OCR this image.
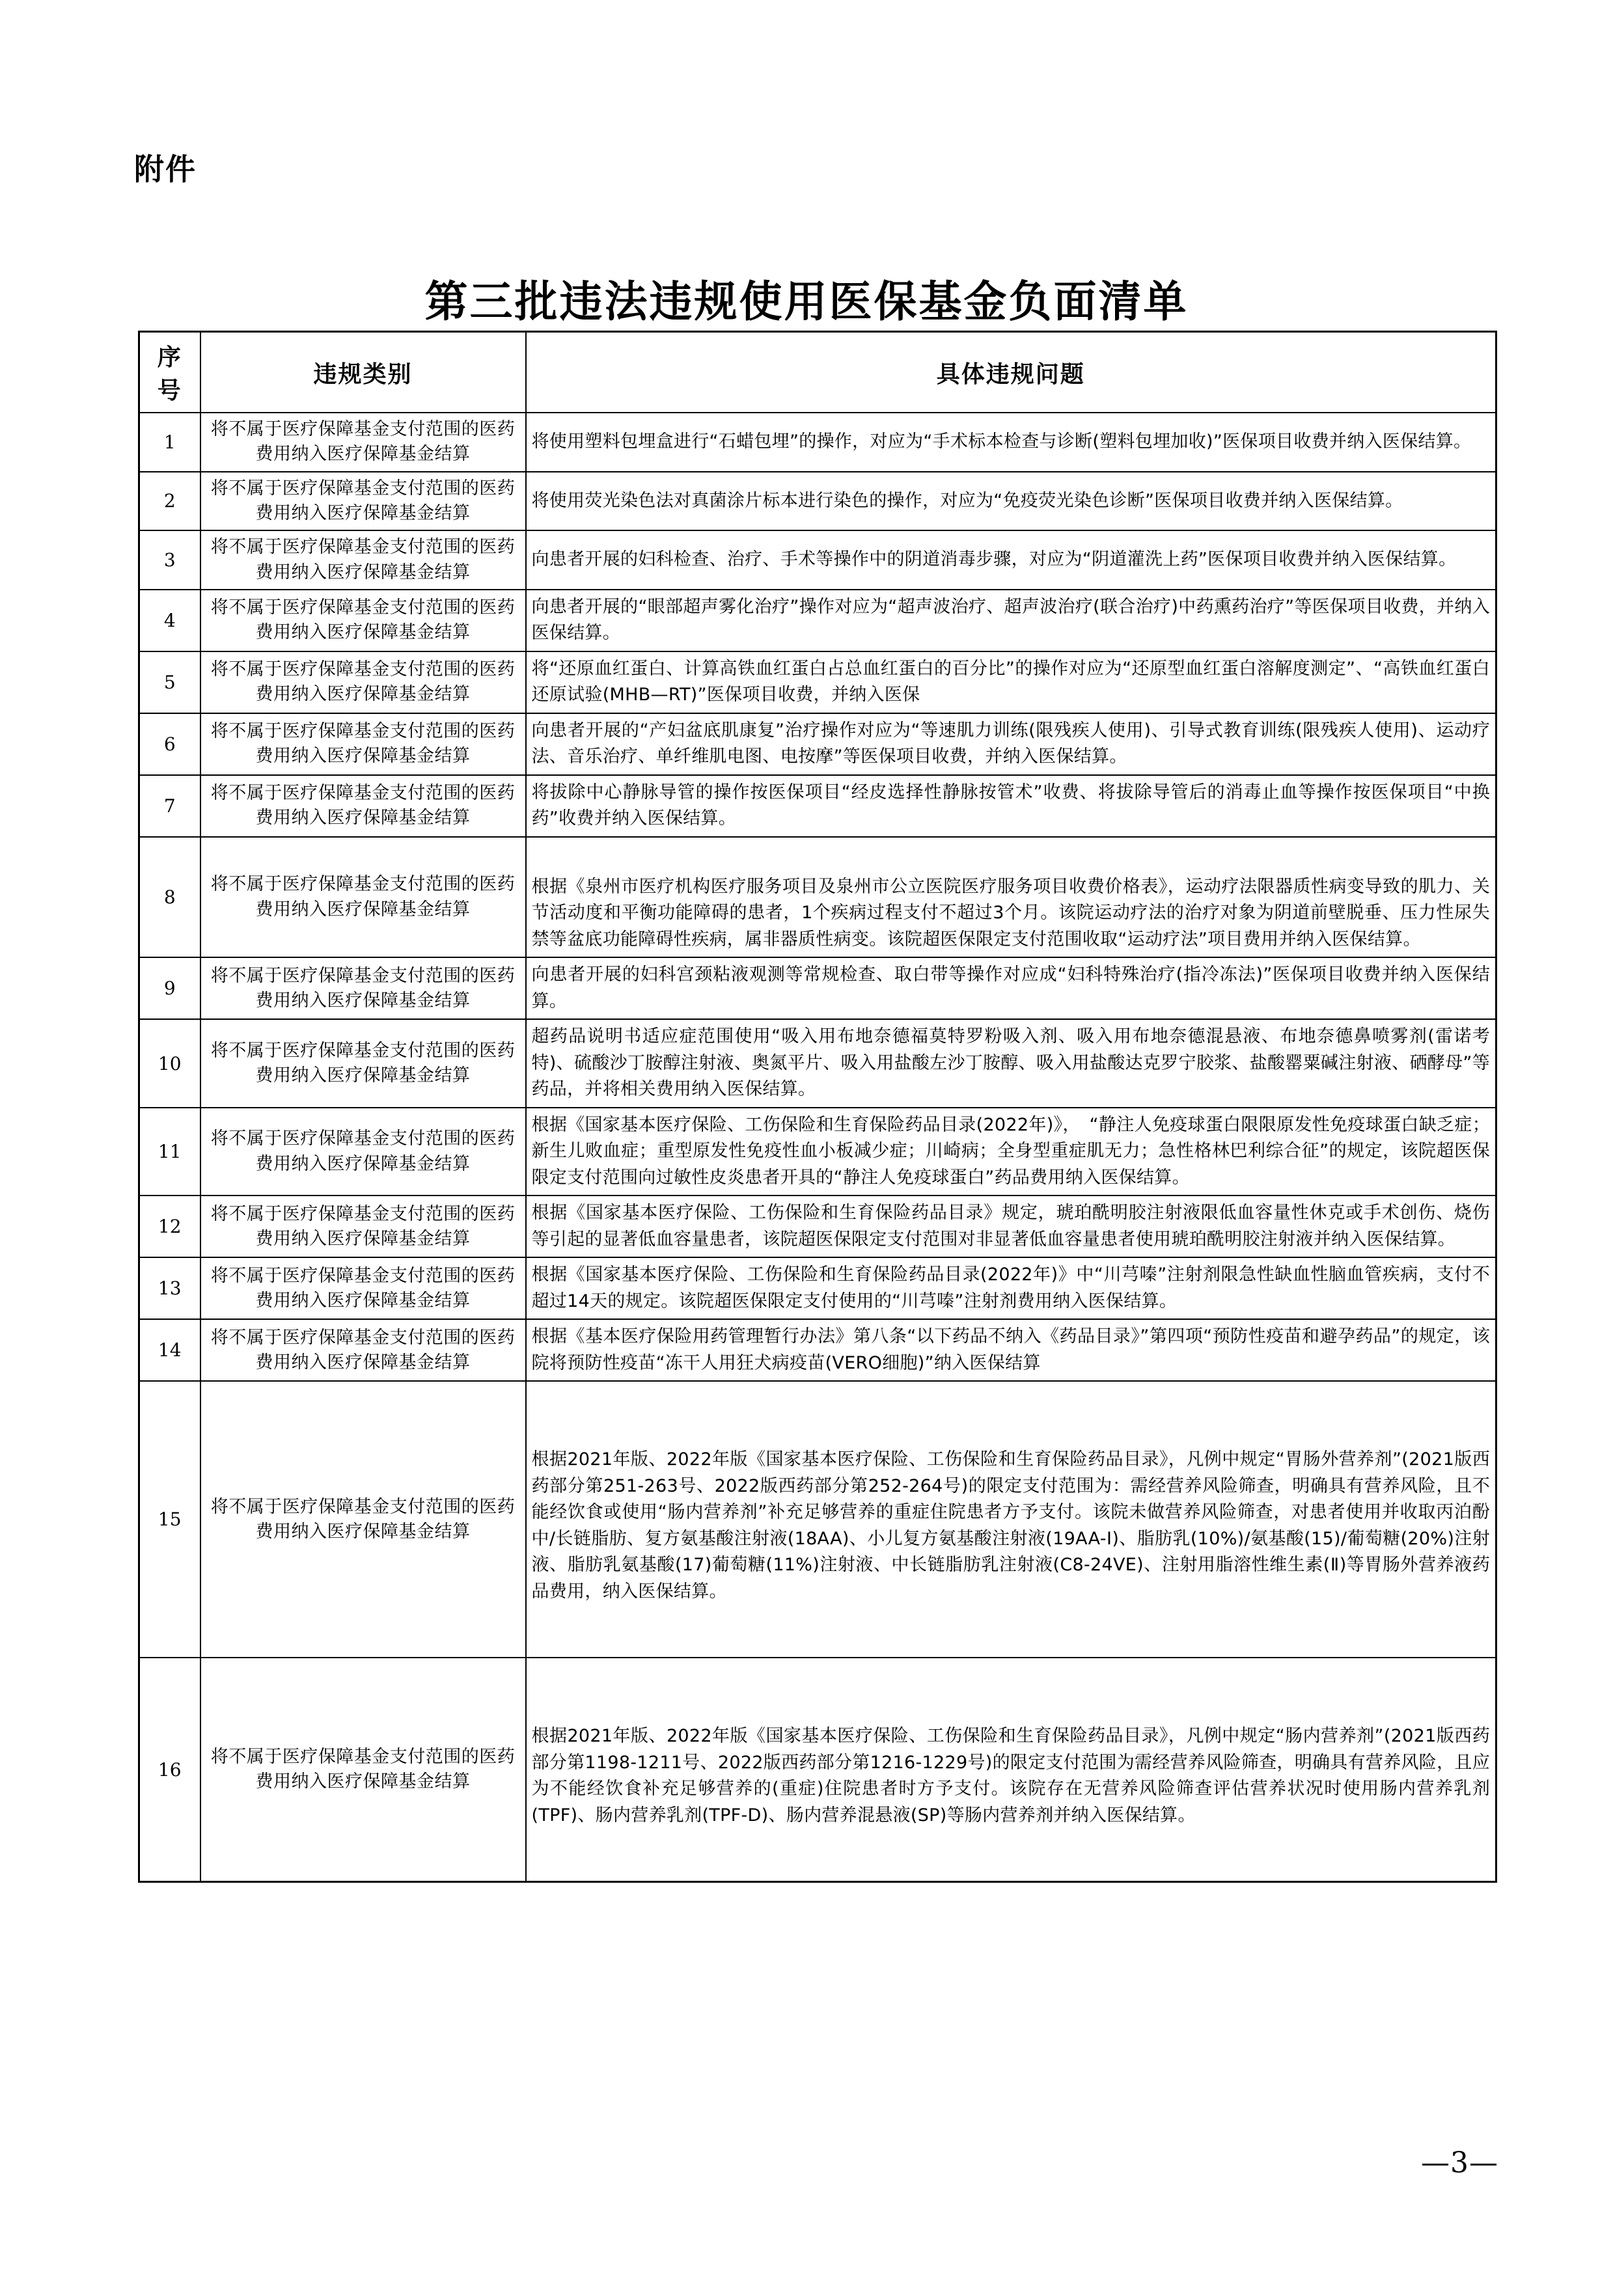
附件
第三批违法违规使用医保基金负面清单
序号	违规类别	具体违规问题
1	将不属于医疗保障基金支付范围的医药费用纳入医疗保障基金结算	将使用塑料包埋盒进行“石蜡包埋”的操作，对应为“手术标本检查与诊断(塑料包埋加收)”医保项目收费并纳入医保结算。
2	将不属于医疗保障基金支付范围的医药费用纳入医疗保障基金结算	将使用荧光染色法对真菌涂片标本进行染色的操作，对应为“免疫荧光染色诊断”医保项目收费并纳入医保结算。
3	将不属于医疗保障基金支付范围的医药费用纳入医疗保障基金结算	向患者开展的妇科检查、治疗、手术等操作中的阴道消毒步骤，对应为“阴道灌洗上药”医保项目收费并纳入医保结算。
4	将不属于医疗保障基金支付范围的医药费用纳入医疗保障基金结算	向患者开展的“眼部超声雾化治疗”操作对应为“超声波治疗、超声波治疗(联合治疗)中药熏药治疗”等医保项目收费，并纳入医保结算。
5	将不属于医疗保障基金支付范围的医药费用纳入医疗保障基金结算	将“还原血红蛋白、计算高铁血红蛋白占总血红蛋白的百分比”的操作对应为“还原型血红蛋白溶解度测定”、“高铁血红蛋白还原试验(MHB—RT)”医保项目收费，并纳入医保
6	将不属于医疗保障基金支付范围的医药费用纳入医疗保障基金结算	向患者开展的“产妇盆底肌康复”治疗操作对应为“等速肌力训练(限残疾人使用)、引导式教育训练(限残疾人使用)、运动疗法、音乐治疗、单纤维肌电图、电按摩”等医保项目收费，并纳入医保结算。
7	将不属于医疗保障基金支付范围的医药费用纳入医疗保障基金结算	将拔除中心静脉导管的操作按医保项目“经皮选择性静脉按管术”收费、将拔除导管后的消毒止血等操作按医保项目“中换药”收费并纳入医保结算。
8	将不属于医疗保障基金支付范围的医药费用纳入医疗保障基金结算	根据《泉州市医疗机构医疗服务项目及泉州市公立医院医疗服务项目收费价格表》，运动疗法限器质性病变导致的肌力、关节活动度和平衡功能障碍的患者，1个疾病过程支付不超过3个月。该院运动疗法的治疗对象为阴道前壁脱垂、压力性尿失禁等盆底功能障碍性疾病，属非器质性病变。该院超医保限定支付范围收取“运动疗法”项目费用并纳入医保结算。
9	将不属于医疗保障基金支付范围的医药费用纳入医疗保障基金结算	向患者开展的妇科宫颈粘液观测等常规检查、取白带等操作对应成“妇科特殊治疗(指冷冻法)”医保项目收费并纳入医保结算。
10	将不属于医疗保障基金支付范围的医药费用纳入医疗保障基金结算	超药品说明书适应症范围使用“吸入用布地奈德福莫特罗粉吸入剂、吸入用布地奈德混悬液、布地奈德鼻喷雾剂(雷诺考特)、硫酸沙丁胺醇注射液、奥氮平片、吸入用盐酸左沙丁胺醇、吸入用盐酸达克罗宁胶浆、盐酸罂粟碱注射液、硒酵母”等药品，并将相关费用纳入医保结算。
11	将不属于医疗保障基金支付范围的医药费用纳入医疗保障基金结算	根据《国家基本医疗保险、工伤保险和生育保险药品目录(2022年)》，　“静注人免疫球蛋白限限原发性免疫球蛋白缺乏症；新生儿败血症；重型原发性免疫性血小板减少症；川崎病；全身型重症肌无力；急性格林巴利综合征”的规定，该院超医保限定支付范围向过敏性皮炎患者开具的“静注人免疫球蛋白”药品费用纳入医保结算。
12	将不属于医疗保障基金支付范围的医药费用纳入医疗保障基金结算	根据《国家基本医疗保险、工伤保险和生育保险药品目录》规定，琥珀酰明胶注射液限低血容量性休克或手术创伤、烧伤等引起的显著低血容量患者，该院超医保限定支付范围对非显著低血容量患者使用琥珀酰明胶注射液并纳入医保结算。
13	将不属于医疗保障基金支付范围的医药费用纳入医疗保障基金结算	根据《国家基本医疗保险、工伤保险和生育保险药品目录(2022年)》中“川芎嗪”注射剂限急性缺血性脑血管疾病，支付不超过14天的规定。该院超医保限定支付使用的“川芎嗪”注射剂费用纳入医保结算。
14	将不属于医疗保障基金支付范围的医药费用纳入医疗保障基金结算	根据《基本医疗保险用药管理暂行办法》第八条“以下药品不纳入《药品目录》”第四项“预防性疫苗和避孕药品”的规定，该院将预防性疫苗“冻干人用狂犬病疫苗(VERO细胞)”纳入医保结算
15	将不属于医疗保障基金支付范围的医药费用纳入医疗保障基金结算	根据2021年版、2022年版《国家基本医疗保险、工伤保险和生育保险药品目录》，凡例中规定“胃肠外营养剂”(2021版西药部分第251-263号、2022版西药部分第252-264号)的限定支付范围为：需经营养风险筛查，明确具有营养风险，且不能经饮食或使用“肠内营养剂”补充足够营养的重症住院患者方予支付。该院未做营养风险筛查，对患者使用并收取丙泊酚中/长链脂肪、复方氨基酸注射液(18AA)、小儿复方氨基酸注射液(19AA-Ⅰ)、脂肪乳(10%)/氨基酸(15)/葡萄糖(20%)注射液、脂肪乳氨基酸(17)葡萄糖(11%)注射液、中长链脂肪乳注射液(C8-24VE)、注射用脂溶性维生素(Ⅱ)等胃肠外营养液药品费用，纳入医保结算。
16	将不属于医疗保障基金支付范围的医药费用纳入医疗保障基金结算	根据2021年版、2022年版《国家基本医疗保险、工伤保险和生育保险药品目录》，凡例中规定“肠内营养剂”(2021版西药部分第1198-1211号、2022版西药部分第1216-1229号)的限定支付范围为需经营养风险筛查，明确具有营养风险，且应为不能经饮食补充足够营养的(重症)住院患者时方予支付。该院存在无营养风险筛查评估营养状况时使用肠内营养乳剂(TPF)、肠内营养乳剂(TPF-D)、肠内营养混悬液(SP)等肠内营养剂并纳入医保结算。
—3—
